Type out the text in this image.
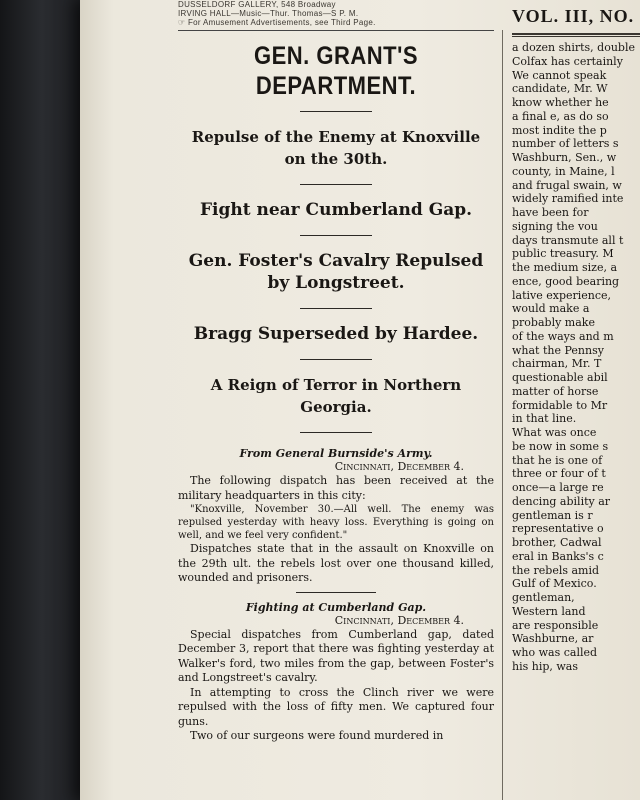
DUSSELDORF GALLERY, 548 Broadway
IRVING HALL—Music—Thur. Thomas—S P. M.
☞ For Amusement Advertisements, see Third Page.
GEN. GRANT'S DEPARTMENT.
Repulse of the Enemy at Knoxville on the 30th.
Fight near Cumberland Gap.
Gen. Foster's Cavalry Repulsed by Longstreet.
Bragg Superseded by Hardee.
A Reign of Terror in Northern Georgia.
From General Burnside's Army.
Cincinnati, December 4.

The following dispatch has been received at the military headquarters in this city:

"Knoxville, November 30.—All well. The enemy was repulsed yesterday with heavy loss. Everything is going on well, and we feel very confident."

Dispatches state that in the assault on Knoxville on the 29th ult. the rebels lost over one thousand killed, wounded and prisoners.

Fighting at Cumberland Gap.
Cincinnati, December 4.

Special dispatches from Cumberland gap, dated December 3, report that there was fighting yesterday at Walker's ford, two miles from the gap, between Foster's and Longstreet's cavalry.

In attempting to cross the Clinch river we were repulsed with the loss of fifty men. We captured four guns.

Two of our surgeons were found murdered in

VOL. III, NO.
a dozen shirts, double
Colfax has certainly
We cannot speak
candidate, Mr. W
know whether he
a final e, as do so
most indite the p
number of letters s
Washburn, Sen., w
county, in Maine, l
and frugal swain, w
widely ramified inte
have been for
signing the vou
days transmute all t
public treasury. M
the medium size, a
ence, good bearing
lative experience,
would make a
probably make
of the ways and m
what the Pennsy
chairman, Mr. T
questionable abil
matter of horse
formidable to Mr
in that line.
What was once
be now in some s
that he is one of
three or four of t
once—a large re
dencing ability ar
gentleman is r
representative o
brother, Cadwal
eral in Banks's c
the rebels amid
Gulf of Mexico.
gentleman,
Western land
are responsible
Washburne, ar
who was called
his hip, was
